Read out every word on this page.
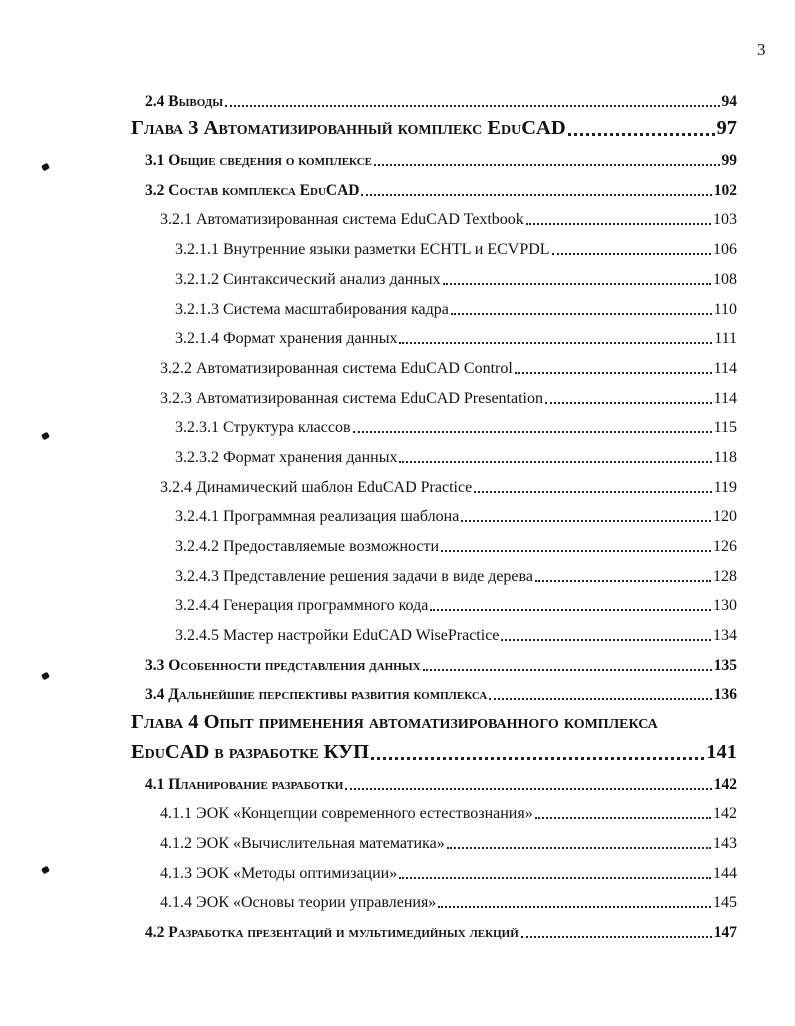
3
2.4 Выводы	94
Глава 3 Автоматизированный комплекс EduCAD	97
3.1 Общие сведения о комплексе	99
3.2 Состав комплекса EduCAD	102
3.2.1 Автоматизированная система EduCAD Textbook	103
3.2.1.1 Внутренние языки разметки ECHTL и ECVPDL	106
3.2.1.2 Синтаксический анализ данных	108
3.2.1.3 Система масштабирования кадра	110
3.2.1.4 Формат хранения данных	111
3.2.2 Автоматизированная система EduCAD Control	114
3.2.3 Автоматизированная система EduCAD Presentation	114
3.2.3.1 Структура классов	115
3.2.3.2 Формат хранения данных	118
3.2.4 Динамический шаблон EduCAD Practice	119
3.2.4.1 Программная реализация шаблона	120
3.2.4.2 Предоставляемые возможности	126
3.2.4.3 Представление решения задачи в виде дерева	128
3.2.4.4 Генерация программного кода	130
3.2.4.5 Мастер настройки EduCAD WisePractice	134
3.3 Особенности представления данных	135
3.4 Дальнейшие перспективы развития комплекса	136
Глава 4 Опыт применения автоматизированного комплекса
EduCAD в разработке КУП	141
4.1 Планирование разработки	142
4.1.1 ЭОК «Концепции современного естествознания»	142
4.1.2 ЭОК «Вычислительная математика»	143
4.1.3 ЭОК «Методы оптимизации»	144
4.1.4 ЭОК «Основы теории управления»	145
4.2 Разработка презентаций и мультимедийных лекций	147
